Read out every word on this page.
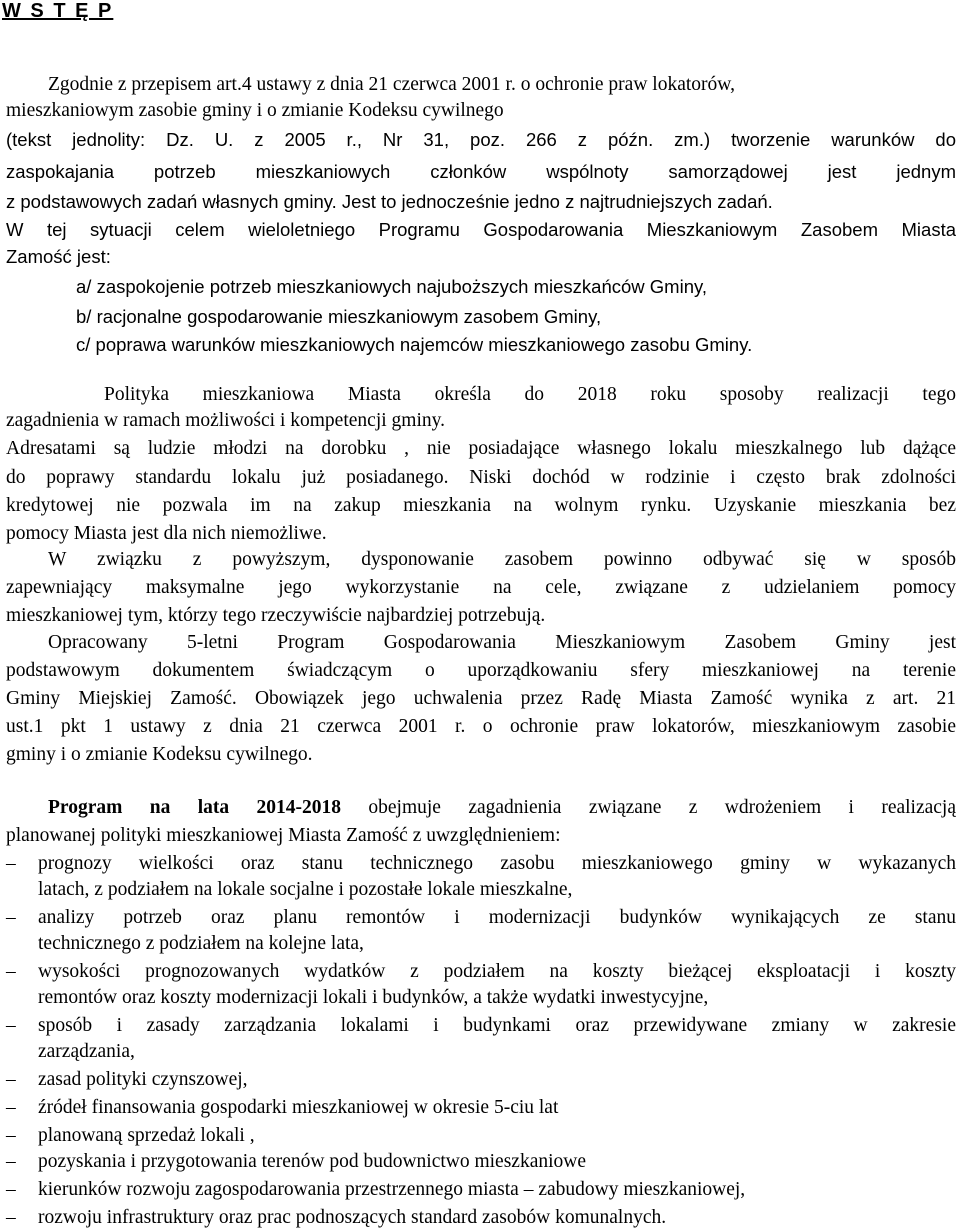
W S T Ę P
Zgodnie z przepisem art.4 ustawy z dnia 21 czerwca 2001 r. o ochronie praw lokatorów,
mieszkaniowym zasobie gminy i o zmianie Kodeksu cywilnego
(tekst jednolity: Dz. U. z 2005 r., Nr 31, poz. 266 z późn. zm.) tworzenie warunków do
zaspokajania potrzeb mieszkaniowych członków wspólnoty samorządowej jest jednym
z podstawowych zadań własnych gminy. Jest to jednocześnie jedno z najtrudniejszych zadań.
W tej sytuacji celem wieloletniego Programu Gospodarowania Mieszkaniowym Zasobem Miasta
Zamość jest:
a/ zaspokojenie potrzeb mieszkaniowych najuboższych mieszkańców Gminy,
b/ racjonalne gospodarowanie mieszkaniowym zasobem Gminy,
c/ poprawa warunków mieszkaniowych najemców mieszkaniowego zasobu Gminy.
Polityka mieszkaniowa Miasta określa do 2018 roku sposoby realizacji tego
zagadnienia w ramach możliwości i kompetencji gminy.
Adresatami są ludzie młodzi na dorobku , nie posiadające własnego lokalu mieszkalnego lub dążące
do poprawy standardu lokalu już posiadanego. Niski dochód w rodzinie i często brak zdolności
kredytowej nie pozwala im na zakup mieszkania na wolnym rynku. Uzyskanie mieszkania bez
pomocy Miasta jest dla nich niemożliwe.
W związku z powyższym, dysponowanie zasobem powinno odbywać się w sposób
zapewniający maksymalne jego wykorzystanie na cele, związane z udzielaniem pomocy
mieszkaniowej tym, którzy tego rzeczywiście najbardziej potrzebują.
Opracowany 5-letni Program Gospodarowania Mieszkaniowym Zasobem Gminy jest
podstawowym dokumentem świadczącym o uporządkowaniu sfery mieszkaniowej na terenie
Gminy Miejskiej Zamość. Obowiązek jego uchwalenia przez Radę Miasta Zamość wynika z art. 21
ust.1 pkt 1 ustawy z dnia 21 czerwca 2001 r. o ochronie praw lokatorów, mieszkaniowym zasobie
gminy i o zmianie Kodeksu cywilnego.
Program na lata 2014-2018 obejmuje zagadnienia związane z wdrożeniem i realizacją
planowanej polityki mieszkaniowej Miasta Zamość z uwzględnieniem:
– prognozy wielkości oraz stanu technicznego zasobu mieszkaniowego gminy w wykazanych
latach, z podziałem na lokale socjalne i pozostałe lokale mieszkalne,
– analizy potrzeb oraz planu remontów i modernizacji budynków wynikających ze stanu
technicznego z podziałem na kolejne lata,
– wysokości prognozowanych wydatków z podziałem na koszty bieżącej eksploatacji i koszty
remontów oraz koszty modernizacji lokali i budynków, a także wydatki inwestycyjne,
– sposób i zasady zarządzania lokalami i budynkami oraz przewidywane zmiany w zakresie
zarządzania,
– zasad polityki czynszowej,
– źródeł finansowania gospodarki mieszkaniowej w okresie 5-ciu lat
– planowaną sprzedaż lokali ,
– pozyskania i przygotowania terenów pod budownictwo mieszkaniowe
– kierunków rozwoju zagospodarowania przestrzennego miasta – zabudowy mieszkaniowej,
– rozwoju infrastruktury oraz prac podnoszących standard zasobów komunalnych.
